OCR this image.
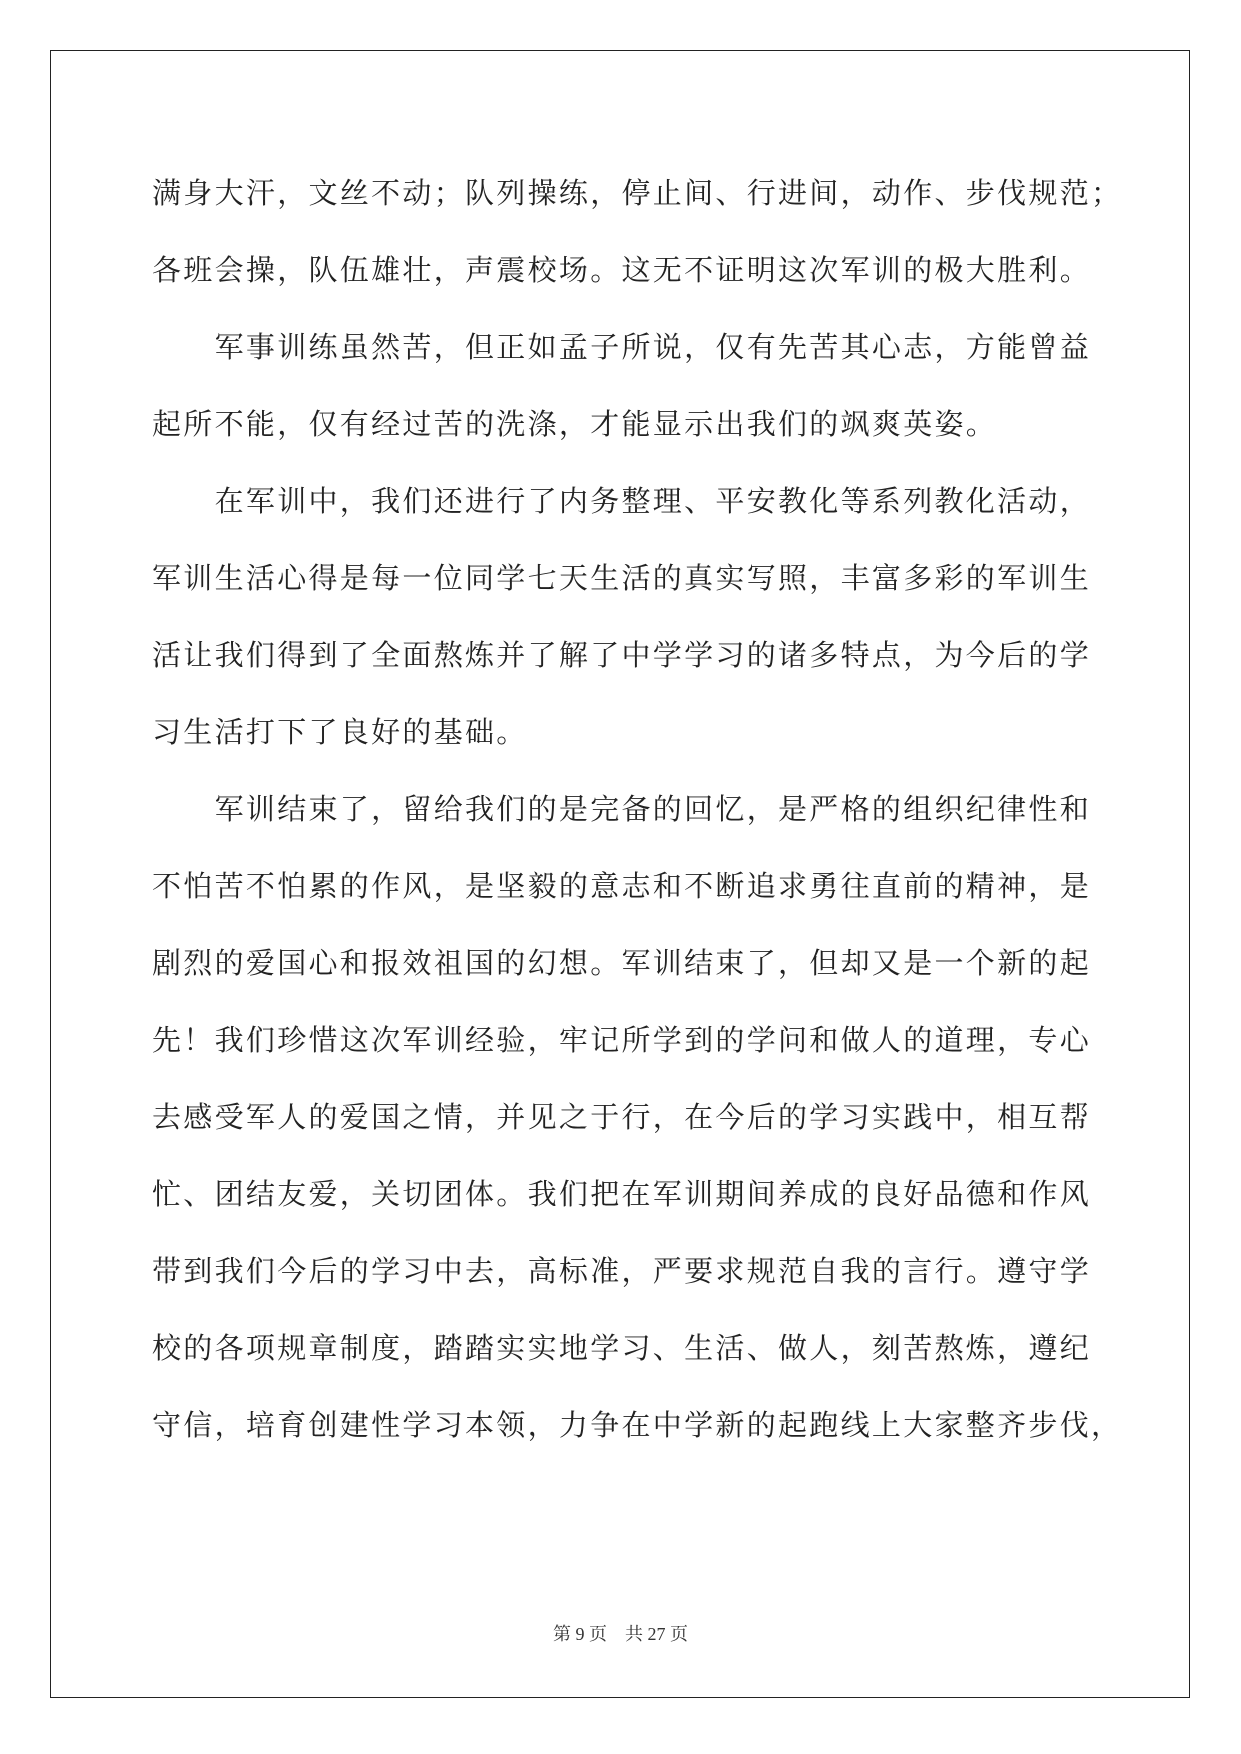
满身大汗，文丝不动；队列操练，停止间、行进间，动作、步伐规范；
各班会操，队伍雄壮，声震校场。这无不证明这次军训的极大胜利。
　　军事训练虽然苦，但正如孟子所说，仅有先苦其心志，方能曾益
起所不能，仅有经过苦的洗涤，才能显示出我们的飒爽英姿。
　　在军训中，我们还进行了内务整理、平安教化等系列教化活动，
军训生活心得是每一位同学七天生活的真实写照，丰富多彩的军训生
活让我们得到了全面熬炼并了解了中学学习的诸多特点，为今后的学
习生活打下了良好的基础。
　　军训结束了，留给我们的是完备的回忆，是严格的组织纪律性和
不怕苦不怕累的作风，是坚毅的意志和不断追求勇往直前的精神，是
剧烈的爱国心和报效祖国的幻想。军训结束了，但却又是一个新的起
先！我们珍惜这次军训经验，牢记所学到的学问和做人的道理，专心
去感受军人的爱国之情，并见之于行，在今后的学习实践中，相互帮
忙、团结友爱，关切团体。我们把在军训期间养成的良好品德和作风
带到我们今后的学习中去，高标准，严要求规范自我的言行。遵守学
校的各项规章制度，踏踏实实地学习、生活、做人，刻苦熬炼，遵纪
守信，培育创建性学习本领，力争在中学新的起跑线上大家整齐步伐，
第 9 页　共 27 页
